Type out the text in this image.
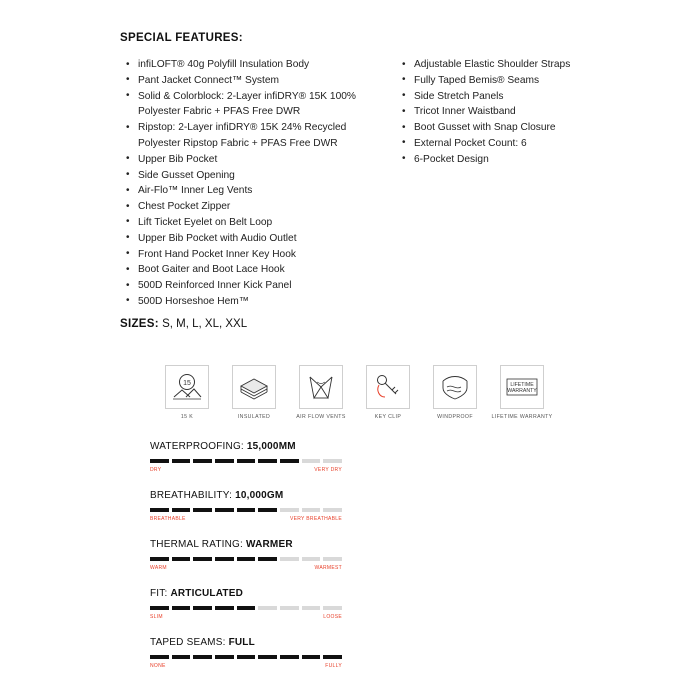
SPECIAL FEATURES:
• infiLOFT® 40g Polyfill Insulation Body
• Pant Jacket Connect™ System
• Solid & Colorblock: 2-Layer infiDRY® 15K 100% Polyester Fabric + PFAS Free DWR
• Ripstop: 2-Layer infiDRY® 15K 24% Recycled Polyester Ripstop Fabric + PFAS Free DWR
• Upper Bib Pocket
• Side Gusset Opening
• Air-Flo™ Inner Leg Vents
• Chest Pocket Zipper
• Lift Ticket Eyelet on Belt Loop
• Upper Bib Pocket with Audio Outlet
• Front Hand Pocket Inner Key Hook
• Boot Gaiter and Boot Lace Hook
• 500D Reinforced Inner Kick Panel
• 500D Horseshoe Hem™
• Adjustable Elastic Shoulder Straps
• Fully Taped Bemis® Seams
• Side Stretch Panels
• Tricot Inner Waistband
• Boot Gusset with Snap Closure
• External Pocket Count: 6
• 6-Pocket Design
SIZES: S, M, L, XL, XXL
15
15 K	INSULATED	AIR FLOW VENTS	KEY CLIP	WINDPROOF
LIFETIME
WARRANTY
LIFETIME WARRANTY
WATERPROOFING: 15,000MM
DRY	VERY DRY
BREATHABILITY: 10,000GM
BREATHABLE	VERY BREATHABLE
THERMAL RATING: WARMER
WARM	WARMEST
FIT: ARTICULATED
SLIM	LOOSE
TAPED SEAMS: FULL
NONE	FULLY
